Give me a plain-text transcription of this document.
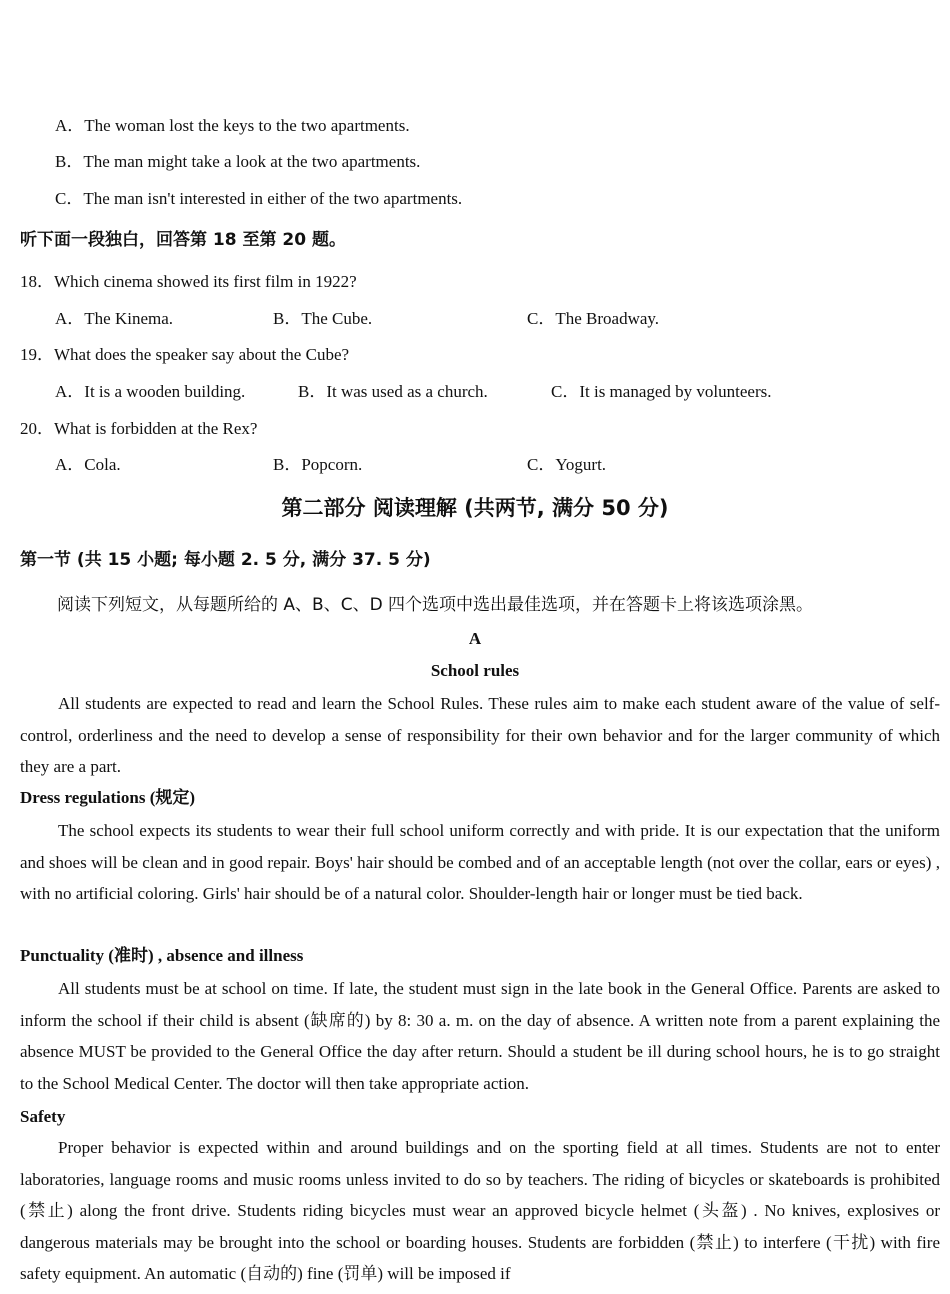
A．The woman lost the keys to the two apartments.
B．The man might take a look at the two apartments.
C．The man isn't interested in either of the two apartments.
听下面一段独白，回答第 18 至第 20 题。
18．Which cinema showed its first film in 1922?
A．The Kinema.	B．The Cube.	C．The Broadway.
19．What does the speaker say about the Cube?
A．It is a wooden building.	B．It was used as a church.	C．It is managed by volunteers.
20．What is forbidden at the Rex?
A．Cola.	B．Popcorn.	C．Yogurt.
第二部分 阅读理解 (共两节, 满分 50 分)
第一节 (共 15 小题; 每小题 2. 5 分, 满分 37. 5 分)
阅读下列短文，从每题所给的 A、B、C、D 四个选项中选出最佳选项，并在答题卡上将该选项涂黑。
A
School rules

All students are expected to read and learn the School Rules. These rules aim to make each student aware of the value of self-control, orderliness and the need to develop a sense of responsibility for their own behavior and for the larger community of which they are a part.

Dress regulations (规定)

The school expects its students to wear their full school uniform correctly and with pride. It is our expectation that the uniform and shoes will be clean and in good repair. Boys' hair should be combed and of an acceptable length (not over the collar, ears or eyes) , with no artificial coloring. Girls' hair should be of a natural color. Shoulder-length hair or longer must be tied back.

Punctuality (准时) , absence and illness

All students must be at school on time. If late, the student must sign in the late book in the General Office. Parents are asked to inform the school if their child is absent (缺席的) by 8: 30 a. m. on the day of absence. A written note from a parent explaining the absence MUST be provided to the General Office the day after return. Should a student be ill during school hours, he is to go straight to the School Medical Center. The doctor will then take appropriate action.

Safety

Proper behavior is expected within and around buildings and on the sporting field at all times. Students are not to enter laboratories, language rooms and music rooms unless invited to do so by teachers. The riding of bicycles or skateboards is prohibited (禁止) along the front drive. Students riding bicycles must wear an approved bicycle helmet (头盔) . No knives, explosives or dangerous materials may be brought into the school or boarding houses. Students are forbidden (禁止) to interfere (干扰) with fire safety equipment. An automatic (自动的) fine (罚单) will be imposed if
